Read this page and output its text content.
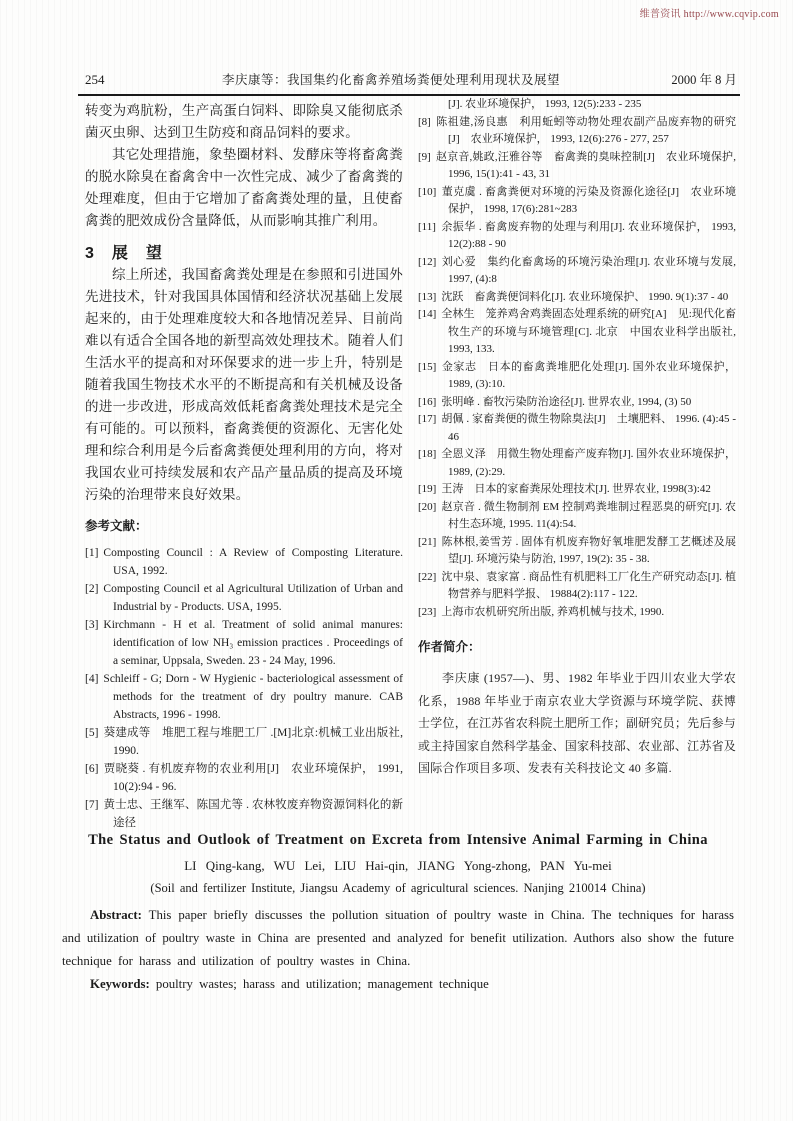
维普资讯 http://www.cqvip.com
254	李庆康等：我国集约化畜禽养殖场粪便处理利用现状及展望	2000 年 8 月

转变为鸡肮粉，生产高蛋白饲料、即除臭又能彻底杀菌灭虫卵、达到卫生防疫和商品饲料的要求。

其它处理措施，象垫圈材料、发酵床等将畜禽粪的脱水除臭在畜禽舍中一次性完成、减少了畜禽粪的处理难度，但由于它增加了畜禽粪处理的量，且使畜禽粪的肥效成份含量降低，从而影响其推广利用。

3　展　望

综上所述，我国畜禽粪处理是在参照和引进国外先进技术，针对我国具体国情和经济状况基础上发展起来的，由于处理难度较大和各地情况差异、目前尚难以有适合全国各地的新型高效处理技术。随着人们生活水平的提高和对环保要求的进一步上升，特别是随着我国生物技术水平的不断提高和有关机械及设备的进一步改进，形成高效低耗畜禽粪处理技术是完全有可能的。可以预料，畜禽粪便的资源化、无害化处理和综合利用是今后畜禽粪便处理利用的方向，将对我国农业可持续发展和农产品产量品质的提高及环境污染的治理带来良好效果。

参考文献：
[1] Composting Council : A Review of Composting Literature. USA, 1992.
[2] Composting Council et al Agricultural Utilization of Urban and Industrial by - Products. USA, 1995.
[3] Kirchmann - H et al. Treatment of solid animal manures: identification of low NH₃ emission practices . Proceedings of a seminar, Uppsala, Sweden. 23 - 24 May, 1996.
[4] Schleiff - G; Dorn - W Hygienic - bacteriological assessment of methods for the treatment of dry poultry manure. CAB Abstracts, 1996 - 1998.
[5] 葵建成等　堆肥工程与堆肥工厂 .[M]北京:机械工业出版社, 1990.
[6] 贾晓葵 . 有机废弃物的农业利用[J]　农业环境保护， 1991, 10(2):94 - 96.
[7] 黄士忠、王继军、陈国尤等 . 农林牧废弃物资源饲料化的新途径
[J]. 农业环境保护， 1993, 12(5):233 - 235
[8] 陈祖建,汤良惠　利用蚯蚓等动物处理农副产品废弃物的研究[J]　农业环境保护， 1993, 12(6):276 - 277, 257
[9] 赵京音,姚政,汪雅谷等　畜禽粪的臭味控制[J]　农业环境保护, 1996, 15(1):41 - 43, 31
[10] 董克虞 . 畜禽粪便对环境的污染及资源化途径[J]　农业环境保护， 1998, 17(6):281~283
[11] 余振华 . 畜禽废弃物的处理与利用[J]. 农业环境保护， 1993, 12(2):88 - 90
[12] 刘心爱　集约化畜禽场的环境污染治理[J]. 农业环境与发展, 1997, (4):8
[13] 沈跃　畜禽粪便饲料化[J]. 农业环境保护、 1990. 9(1):37 - 40
[14] 全林生　笼养鸡舍鸡粪固态处理系统的研究[A]　见:现代化畜牧生产的环境与环境管理[C]. 北京　中国农业科学出版社, 1993, 133.
[15] 金家志　日本的畜禽粪堆肥化处理[J]. 国外农业环境保护， 1989, (3):10.
[16] 张明峰 . 畜牧污染防治途径[J]. 世界农业, 1994, (3) 50
[17] 胡佩 . 家畜粪便的微生物除臭法[J]　土壤肥料、 1996. (4):45 - 46
[18] 全恩义泽　用微生物处理畜产废弃物[J]. 国外农业环境保护， 1989, (2):29.
[19] 王涛　日本的家畜粪尿处理技术[J]. 世界农业, 1998(3):42
[20] 赵京音 . 微生物制剂 EM 控制鸡粪堆制过程恶臭的研究[J]. 农村生态环境, 1995. 11(4):54.
[21] 陈林根,姜雪芳 . 固体有机废弃物好氧堆肥发酵工艺概述及展望[J]. 环境污染与防治, 1997, 19(2): 35 - 38.
[22] 沈中泉、袁家富 . 商品性有机肥料工厂化生产研究动态[J]. 植物营养与肥料学报、 19884(2):117 - 122.
[23] 上海市农机研究所出版, 养鸡机械与技术, 1990.
作者简介：

李庆康 (1957—)、男、1982 年毕业于四川农业大学农化系，1988 年毕业于南京农业大学资源与环境学院、获博士学位，在江苏省农科院土肥所工作；副研究员；先后参与或主持国家自然科学基金、国家科技部、农业部、江苏省及国际合作项目多项、发表有关科技论文 40 多篇.

The Status and Outlook of Treatment on Excreta from Intensive Animal Farming in China
LI Qing-kang, WU Lei, LIU Hai-qin, JIANG Yong-zhong, PAN Yu-mei
(Soil and fertilizer Institute, Jiangsu Academy of agricultural sciences. Nanjing 210014 China)

Abstract: This paper briefly discusses the pollution situation of poultry waste in China. The techniques for harass and utilization of poultry waste in China are presented and analyzed for benefit utilization. Authors also show the future technique for harass and utilization of poultry wastes in China.

Keywords: poultry wastes; harass and utilization; management technique
